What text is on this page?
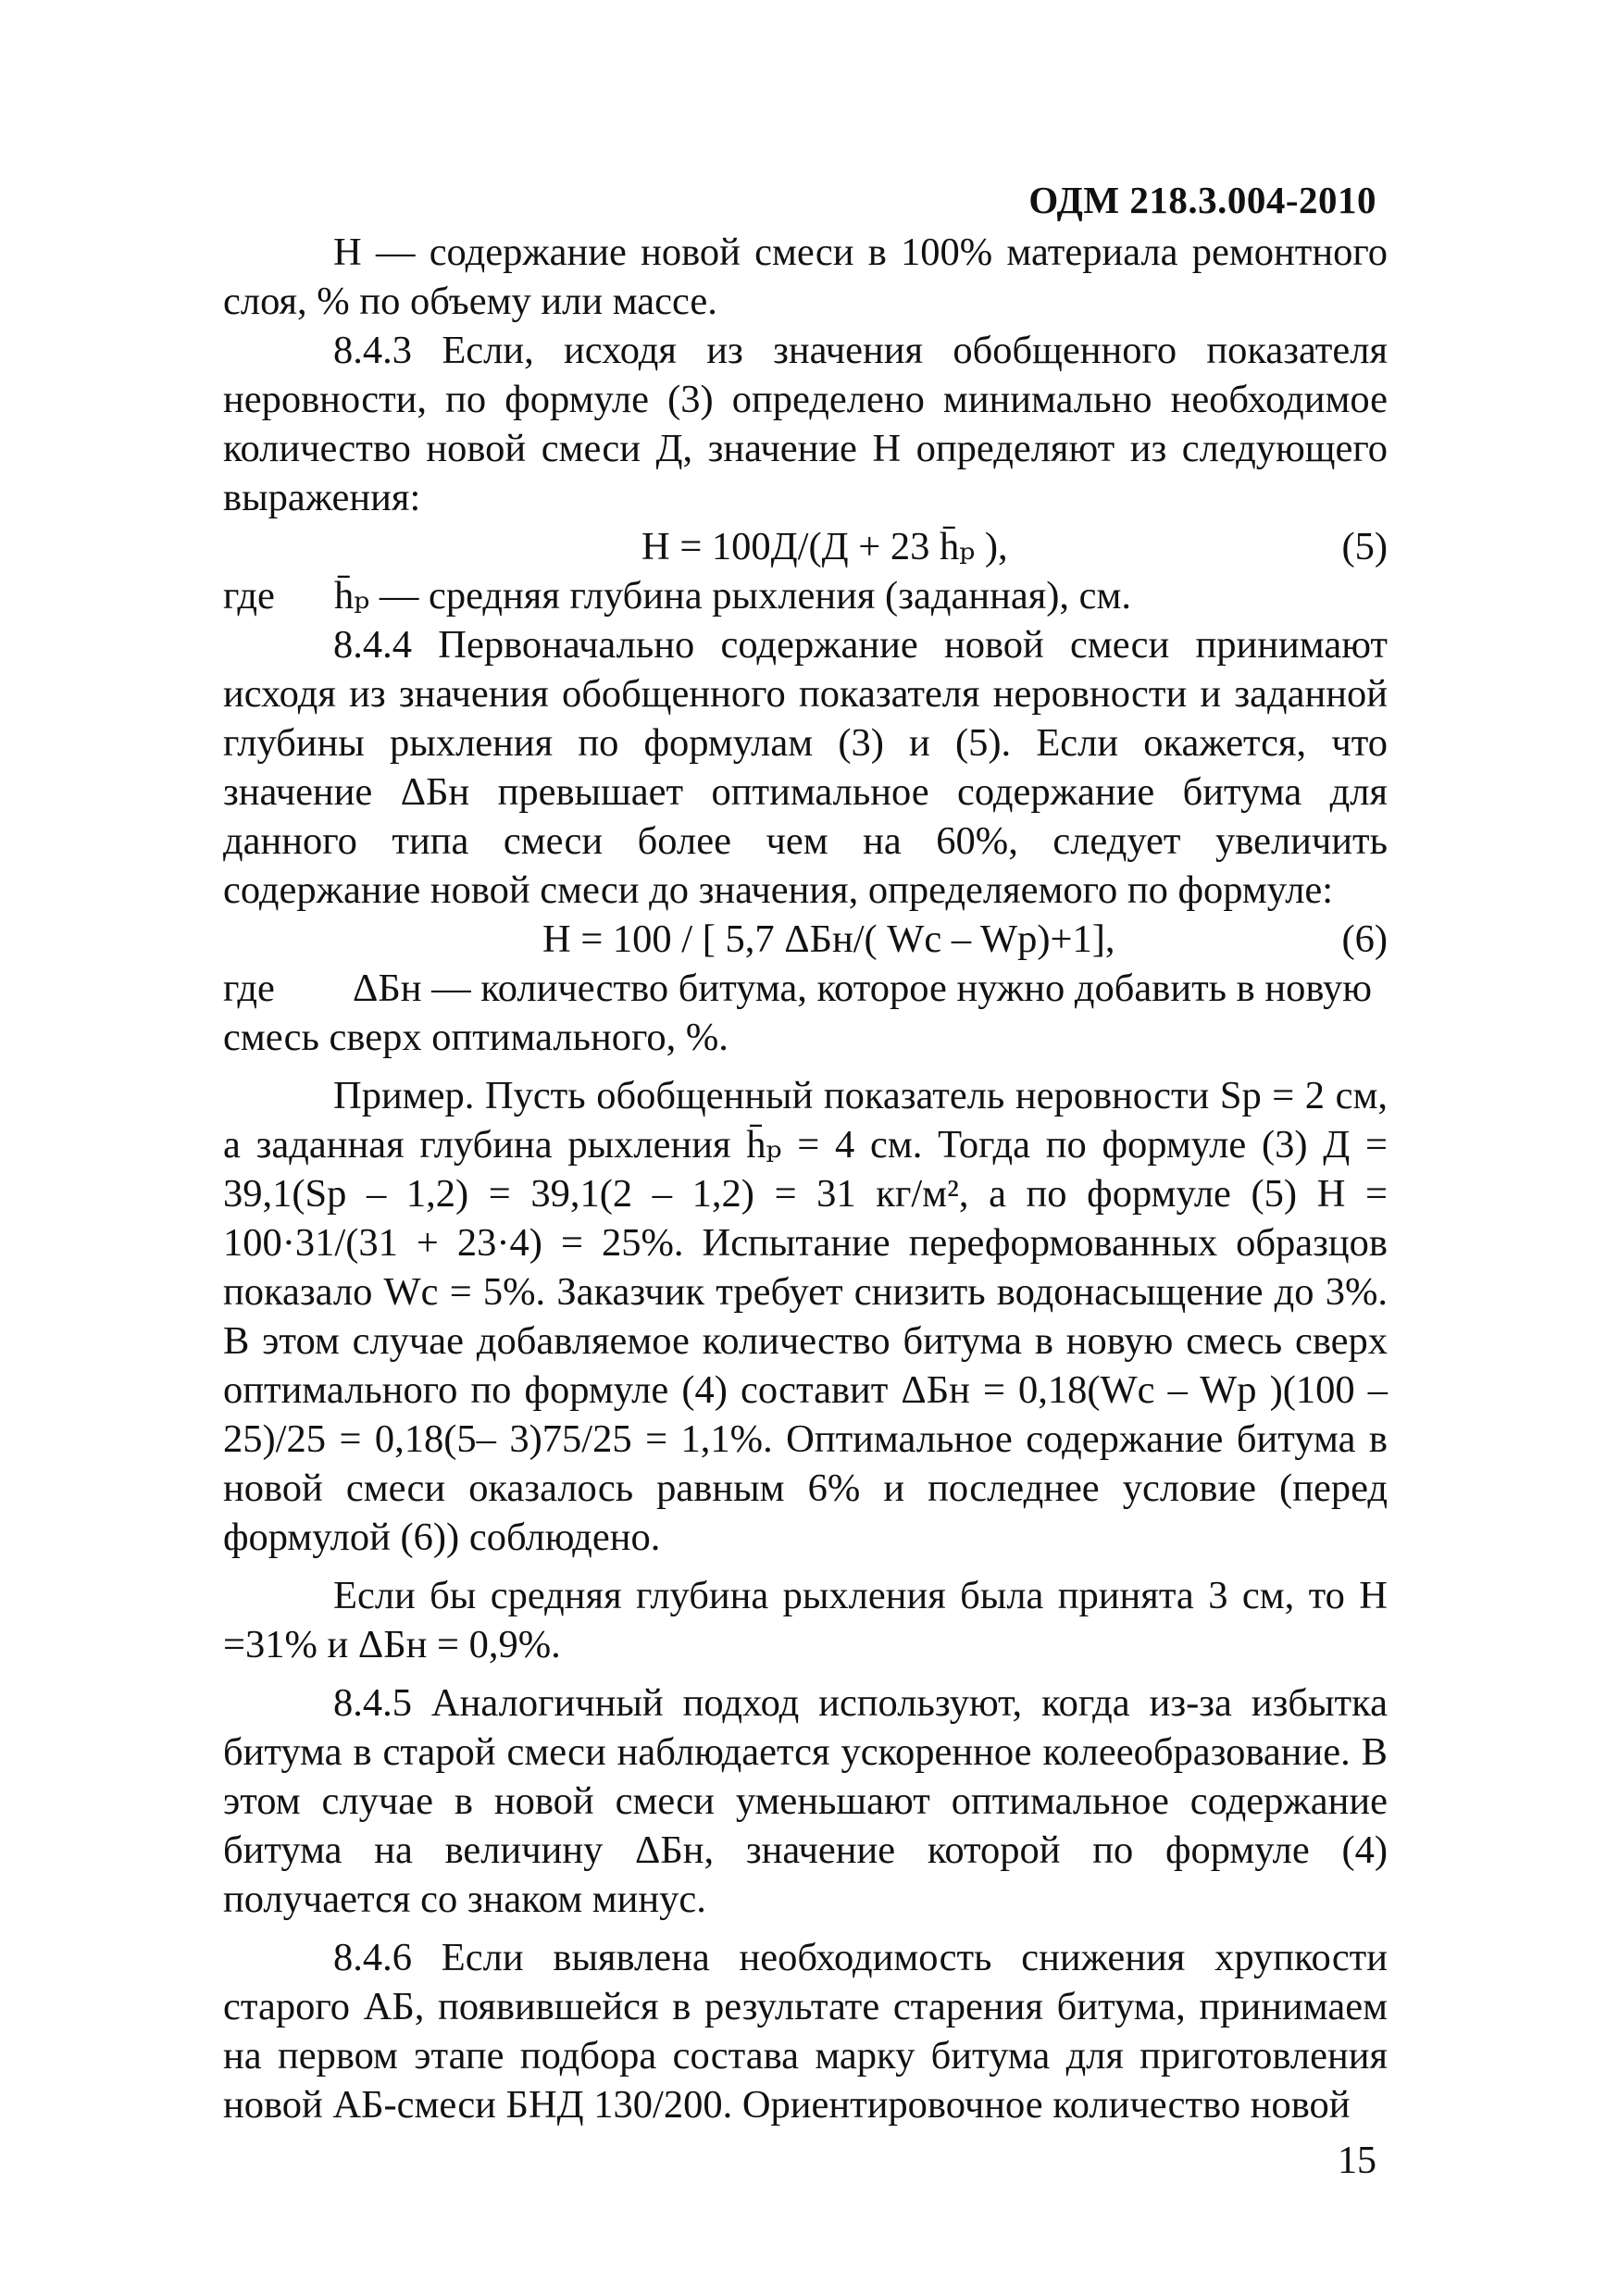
ОДМ 218.3.004-2010

Н — содержание новой смеси в 100% материала ремонтного слоя, % по объему или массе.

8.4.3 Если, исходя из значения обобщенного показателя неровности, по формуле (3) определено минимально необходимое количество новой смеси Д, значение Н определяют из следующего выражения:

Н = 100Д/(Д + 23 h̄ₚ ),	(5)
где h̄ₚ — средняя глубина рыхления (заданная), см.

8.4.4 Первоначально содержание новой смеси принимают исходя из значения обобщенного показателя неровности и заданной глубины рыхления по формулам (3) и (5). Если окажется, что значение ΔБн превышает оптимальное содержание битума для данного типа смеси более чем на 60%, следует увеличить содержание новой смеси до значения, определяемого по формуле:

Н = 100 / [ 5,7 ΔБн/( Wc – Wp)+1],	(6)
где ΔБн — количество битума, которое нужно добавить в новую

смесь сверх оптимального, %.

Пример. Пусть обобщенный показатель неровности Sp = 2 см, а заданная глубина рыхления h̄ₚ = 4 см. Тогда по формуле (3) Д = 39,1(Sp – 1,2) = 39,1(2 – 1,2) = 31 кг/м², а по формуле (5) Н = 100·31/(31 + 23·4) = 25%. Испытание переформованных образцов показало Wc = 5%. Заказчик требует снизить водонасыщение до 3%. В этом случае добавляемое количество битума в новую смесь сверх оптимального по формуле (4) составит ΔБн = 0,18(Wc – Wp )(100 – 25)/25 = 0,18(5– 3)75/25 = 1,1%. Оптимальное содержание битума в новой смеси оказалось равным 6% и последнее условие (перед формулой (6)) соблюдено.

Если бы средняя глубина рыхления была принята 3 см, то Н =31% и ΔБн = 0,9%.

8.4.5 Аналогичный подход используют, когда из-за избытка битума в старой смеси наблюдается ускоренное колееобразование. В этом случае в новой смеси уменьшают оптимальное содержание битума на величину ΔБн, значение которой по формуле (4) получается со знаком минус.

8.4.6 Если выявлена необходимость снижения хрупкости старого АБ, появившейся в результате старения битума, принимаем на первом этапе подбора состава марку битума для приготовления новой АБ-смеси БНД 130/200. Ориентировочное количество новой

15
